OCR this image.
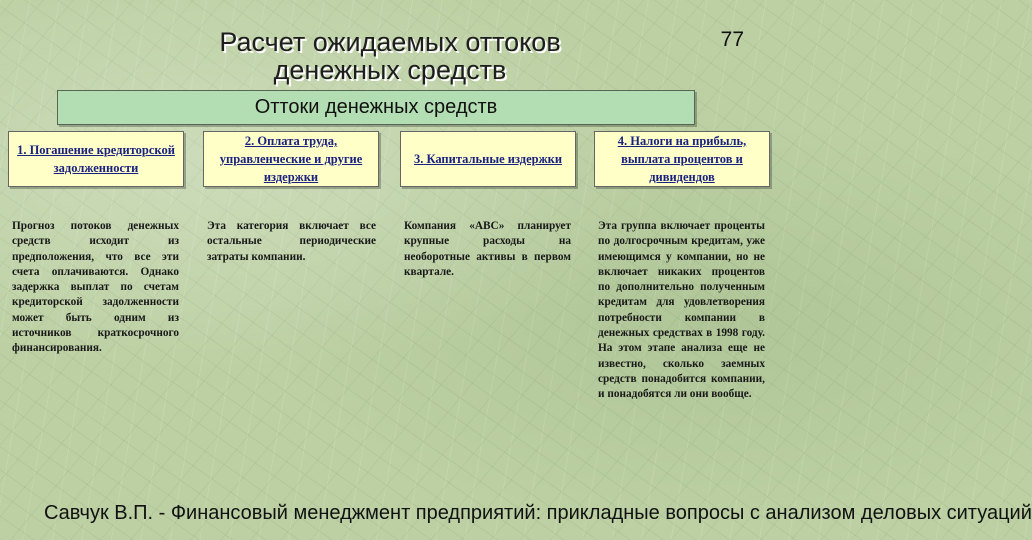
Расчет ожидаемых оттоков
денежных средств
77
Оттоки денежных средств
1. Погашение кредиторской задолженности
2. Оплата труда, управленческие и другие издержки
3. Капитальные издержки
4. Налоги на прибыль, выплата процентов и дивидендов

Прогноз потоков денежных средств исходит из предположения, что все эти счета оплачиваются. Однако задержка выплат по счетам кредиторской задолженности может быть одним из источников краткосрочного финансирования.

Эта категория включает все остальные периодические затраты компании.

Компания «АВС» планирует крупные расходы на необоротные активы в первом квартале.

Эта группа включает проценты по долгосрочным кредитам, уже имеющимся у компании, но не включает никаких процентов по дополнительно полученным кредитам для удовлетворения потребности компании в денежных средствах в 1998 году. На этом этапе анализа еще не известно, сколько заемных средств понадобится компании, и понадобятся ли они вообще.

Савчук В.П. - Финансовый менеджмент предприятий: прикладные вопросы с анализом деловых ситуаций
